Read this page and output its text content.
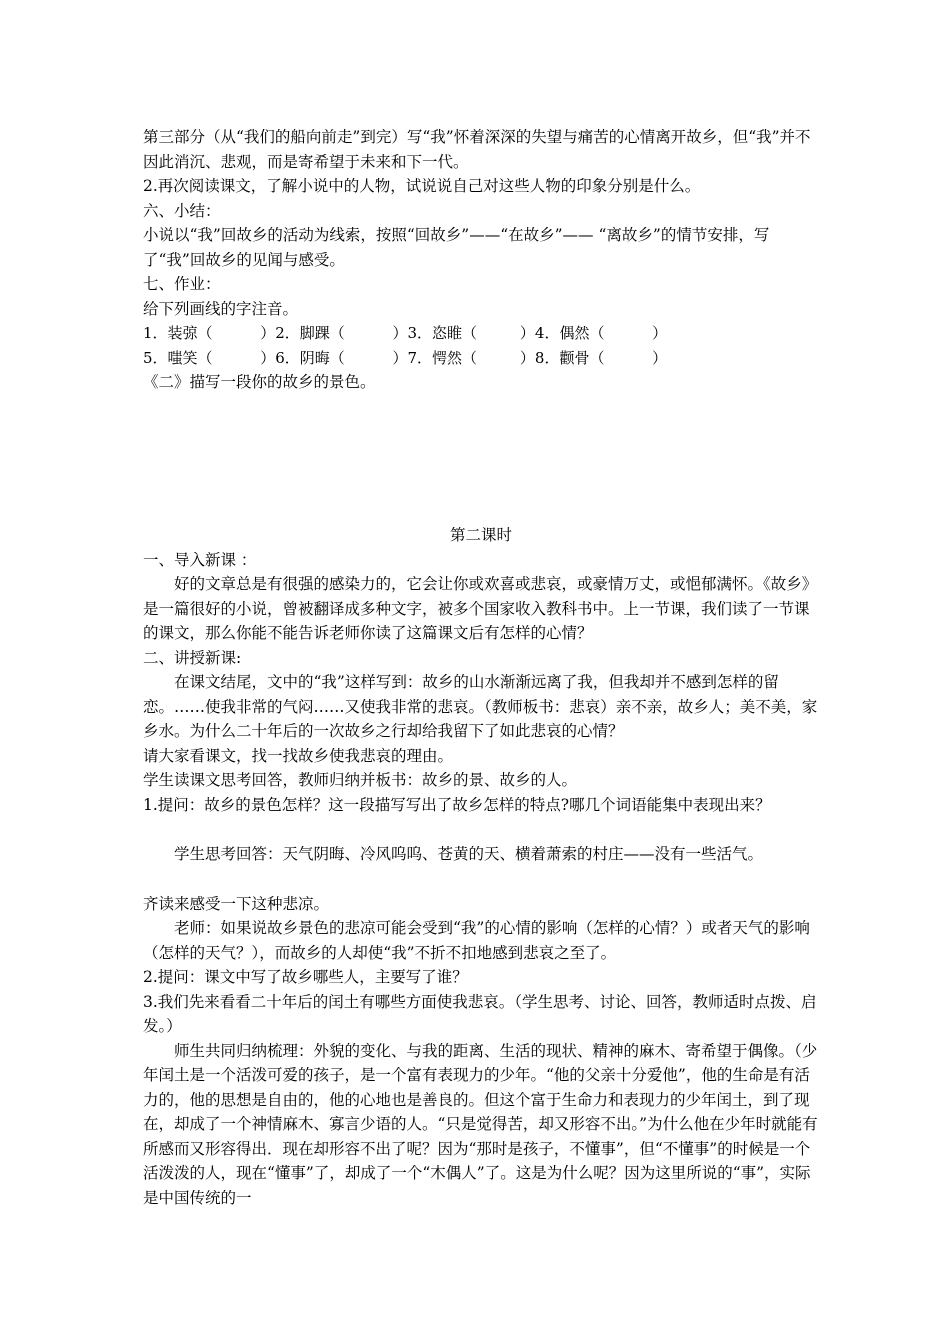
第三部分（从“我们的船向前走”到完）写“我”怀着深深的失望与痛苦的心情离开故乡，但“我”并不因此消沉、悲观，而是寄希望于未来和下一代。

2.再次阅读课文，了解小说中的人物，试说说自己对这些人物的印象分别是什么。

六、小结：

小说以“我”回故乡的活动为线索，按照“回故乡”——“在故乡”—— “离故乡”的情节安排，写了“我”回故乡的见闻与感受。

七、作业：

给下列画线的字注音。

1．装弶（          ）2．脚踝（          ）3．恣睢（         ）4．偶然（          ）

5．嗤笑（          ）6．阴晦（          ）7．愕然（         ）8．颧骨（          ）

《二》描写一段你的故乡的景色。

第二课时

一、导入新课 ：

好的文章总是有很强的感染力的，它会让你或欢喜或悲哀，或豪情万丈，或悒郁满怀。《故乡》是一篇很好的小说，曾被翻译成多种文字，被多个国家收入教科书中。上一节课，我们读了一节课的课文，那么你能不能告诉老师你读了这篇课文后有怎样的心情？

二、讲授新课:

在课文结尾，文中的“我”这样写到：故乡的山水渐渐远离了我，但我却并不感到怎样的留恋。……使我非常的气闷……又使我非常的悲哀。（教师板书：悲哀）亲不亲，故乡人；美不美，家乡水。为什么二十年后的一次故乡之行却给我留下了如此悲哀的心情？

请大家看课文，找一找故乡使我悲哀的理由。

学生读课文思考回答，教师归纳并板书：故乡的景、故乡的人。

1.提问：故乡的景色怎样？这一段描写写出了故乡怎样的特点?哪几个词语能集中表现出来？

学生思考回答：天气阴晦、冷风呜呜、苍黄的天、横着萧索的村庄——没有一些活气。

齐读来感受一下这种悲凉。

老师：如果说故乡景色的悲凉可能会受到“我”的心情的影响（怎样的心情？）或者天气的影响（怎样的天气？），而故乡的人却使“我”不折不扣地感到悲哀之至了。

2.提问：课文中写了故乡哪些人，主要写了谁？

3.我们先来看看二十年后的闰土有哪些方面使我悲哀。（学生思考、讨论、回答，教师适时点拨、启发。）

师生共同归纳梳理：外貌的变化、与我的距离、生活的现状、精神的麻木、寄希望于偶像。（少年闰土是一个活泼可爱的孩子，是一个富有表现力的少年。“他的父亲十分爱他”，他的生命是有活力的，他的思想是自由的，他的心地也是善良的。但这个富于生命力和表现力的少年闰土，到了现在，却成了一个神情麻木、寡言少语的人。“只是觉得苦，却又形容不出。”为什么他在少年时就能有所感而又形容得出．现在却形容不出了呢？因为“那时是孩子，不懂事”，但“不懂事”的时候是一个活泼泼的人，现在“懂事”了，却成了一个“木偶人”了。这是为什么呢？因为这里所说的“事”，实际是中国传统的一
